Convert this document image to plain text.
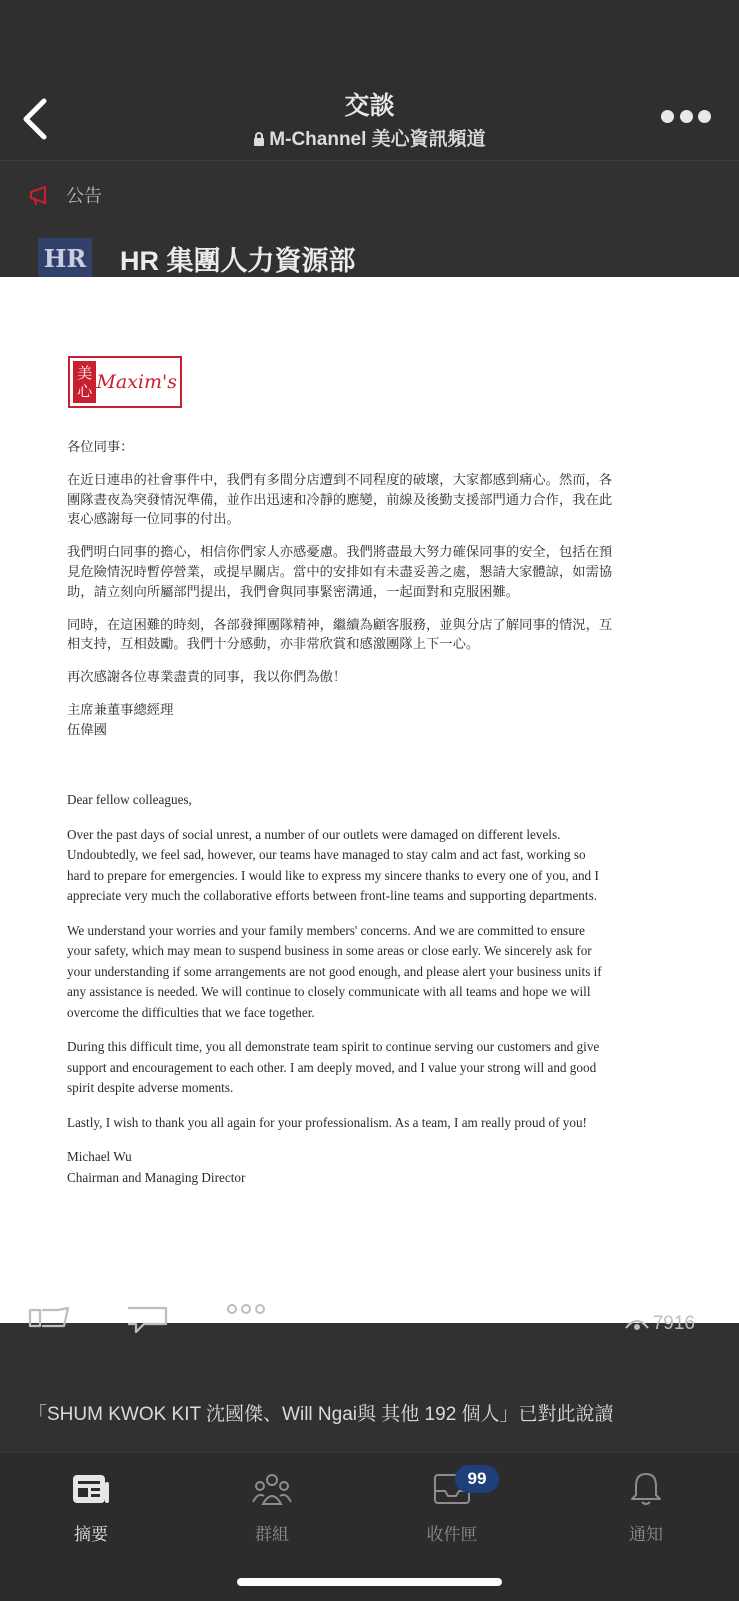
交談
M-Channel 美心資訊頻道
公告
HR HR 集團人力資源部
美
心 Maxim's

各位同事：

在近日連串的社會事件中，我們有多間分店遭到不同程度的破壞，大家都感到痛心。然而，各
團隊晝夜為突發情況準備，並作出迅速和冷靜的應變，前線及後勤支援部門通力合作，我在此
衷心感謝每一位同事的付出。

我們明白同事的擔心，相信你們家人亦感憂慮。我們將盡最大努力確保同事的安全，包括在預
見危險情況時暫停營業，或提早關店。當中的安排如有未盡妥善之處，懇請大家體諒，如需協
助，請立刻向所屬部門提出，我們會與同事緊密溝通，一起面對和克服困難。

同時，在這困難的時刻，各部發揮團隊精神，繼續為顧客服務，並與分店了解同事的情況，互
相支持，互相鼓勵。我們十分感動，亦非常欣賞和感激團隊上下一心。

再次感謝各位專業盡責的同事，我以你們為傲！

主席兼董事總經理
伍偉國

Dear fellow colleagues,

Over the past days of social unrest, a number of our outlets were damaged on different levels.
Undoubtedly, we feel sad, however, our teams have managed to stay calm and act fast, working so
hard to prepare for emergencies. I would like to express my sincere thanks to every one of you, and I
appreciate very much the collaborative efforts between front-line teams and supporting departments.

We understand your worries and your family members' concerns. And we are committed to ensure
your safety, which may mean to suspend business in some areas or close early. We sincerely ask for
your understanding if some arrangements are not good enough, and please alert your business units if
any assistance is needed. We will continue to closely communicate with all teams and hope we will
overcome the difficulties that we face together.

During this difficult time, you all demonstrate team spirit to continue serving our customers and give
support and encouragement to each other. I am deeply moved, and I value your strong will and good
spirit despite adverse moments.

Lastly, I wish to thank you all again for your professionalism. As a team, I am really proud of you!

Michael Wu
Chairman and Managing Director

7916
「SHUM KWOK KIT 沈國傑、Will Ngai與 其他 192 個人」已對此說讀
摘要	群組
99
收件匣	通知
